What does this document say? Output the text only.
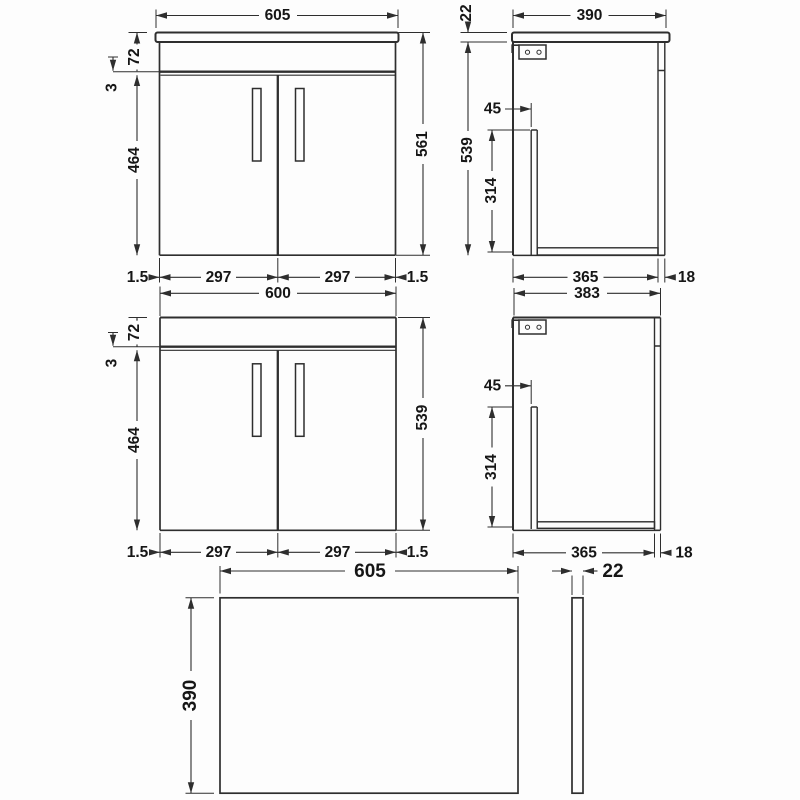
605
72
3
464
561
1.5	297	297	1.5
390
22
539
45
314
365	18
600
72
3
464
539
1.5	297	297	1.5
383
45
314
365	18
605
390
22
